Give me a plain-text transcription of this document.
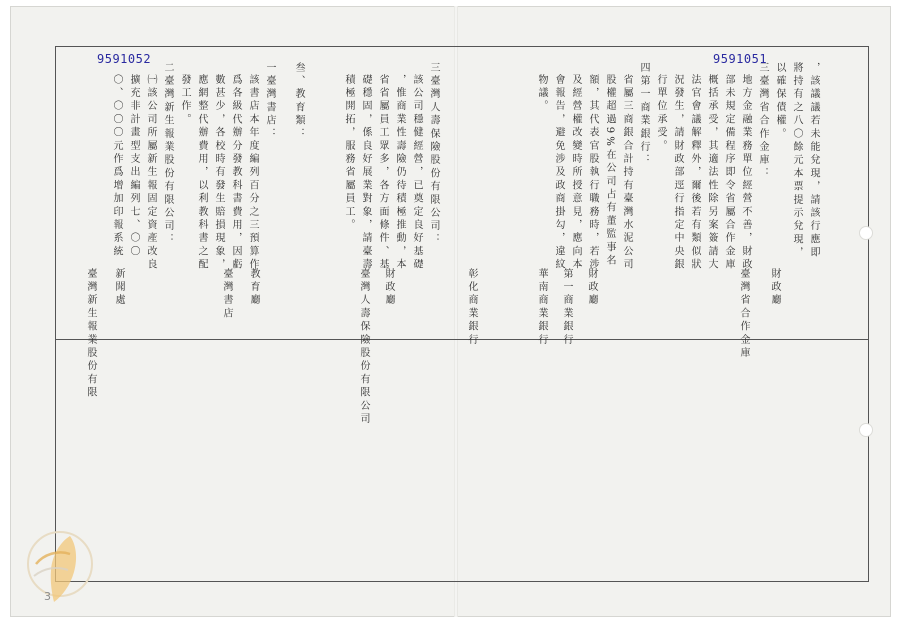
9591052	9591051
，該議議若未能兌現，請該行應即
將持有之八〇餘元本票提示兌現，
以確保債權。
三臺灣省合作金庫：
地方金融業務單位經營不善，財政
部未規定備程序即令省屬合作金庫
概括承受，其適法性除另案簽請大
法官會議解釋外，爾後若有類似狀
況發生，請財政部逕行指定中央銀
行單位承受。
四第一商業銀行：
省屬三商銀合計持有臺灣水泥公司
股權超過9%在公司占有董監事名
額，其代表官股執行職務時，若涉
及經營權改變時所授意見，應向本
會報告，避免涉及政商掛勾，違紋
物議。
財政廳
臺灣省合作金庫
財政廳
第一商業銀行
華南商業銀行
彰化商業銀行
三臺灣人壽保險股份有限公司：
該公司穩健經營，已奠定良好基礎
，惟商業性壽險仍待積極推動，本
省省屬員工眾多，各方面條件、基
礎穩固，係良好展業對象，請臺壽
積極開拓，服務省屬員工。
叁、教育類：
一臺灣書店：
該書店本年度編列百分之三預算作
爲各級代辦分發教科書費用，因虧
數甚少，各校時有發生賠損現象，
應網整代辦費用，以利教科書之配
發工作。
二臺灣新生報業股份有限公司：
㈠該公司所屬新生報固定資產改良
擴充非計畫型支出編列七、〇〇
〇、〇〇〇元作爲增加印報系統
財政廳
臺灣人壽保險股份有限公司
教育廳
臺灣書店
新聞處
臺灣新生報業股份有限
3
